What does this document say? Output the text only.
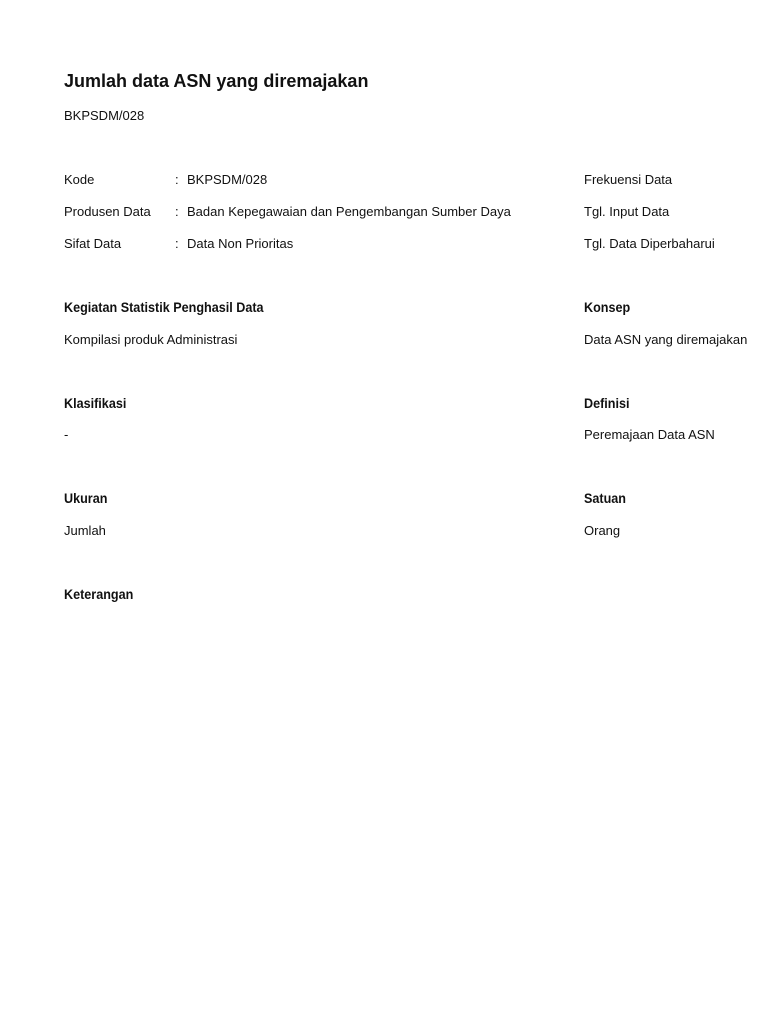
Jumlah data ASN yang diremajakan
BKPSDM/028
Kode	: BKPSDM/028
Produsen Data : Badan Kepegawaian dan Pengembangan Sumber Daya
Sifat Data	: Data Non Prioritas
Frekuensi Data
Tgl. Input Data
Tgl. Data Diperbaharui
Kegiatan Statistik Penghasil Data
Kompilasi produk Administrasi
Konsep
Data ASN yang diremajakan
Klasifikasi
-
Definisi
Peremajaan Data ASN
Ukuran
Jumlah
Satuan
Orang
Keterangan
